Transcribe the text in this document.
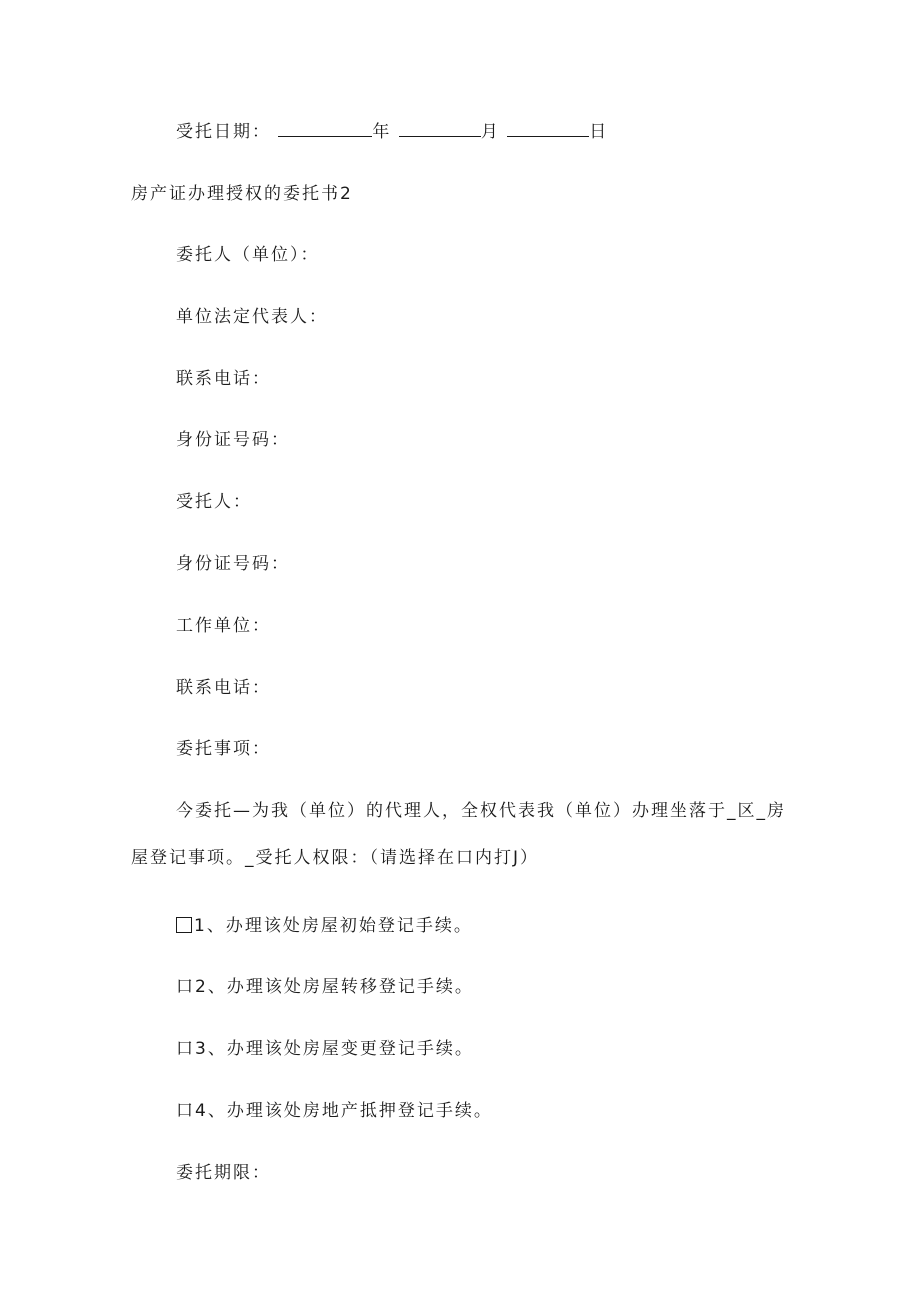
受托日期：	年	月	日
房产证办理授权的委托书2
委托人（单位）：
单位法定代表人：
联系电话：
身份证号码：
受托人：
身份证号码：
工作单位：
联系电话：
委托事项：
今委托—为我（单位）的代理人，全权代表我（单位）办理坐落于_区_房
屋登记事项。_受托人权限：（请选择在口内打J）
1、办理该处房屋初始登记手续。
口2、办理该处房屋转移登记手续。
口3、办理该处房屋变更登记手续。
口4、办理该处房地产抵押登记手续。
委托期限：
